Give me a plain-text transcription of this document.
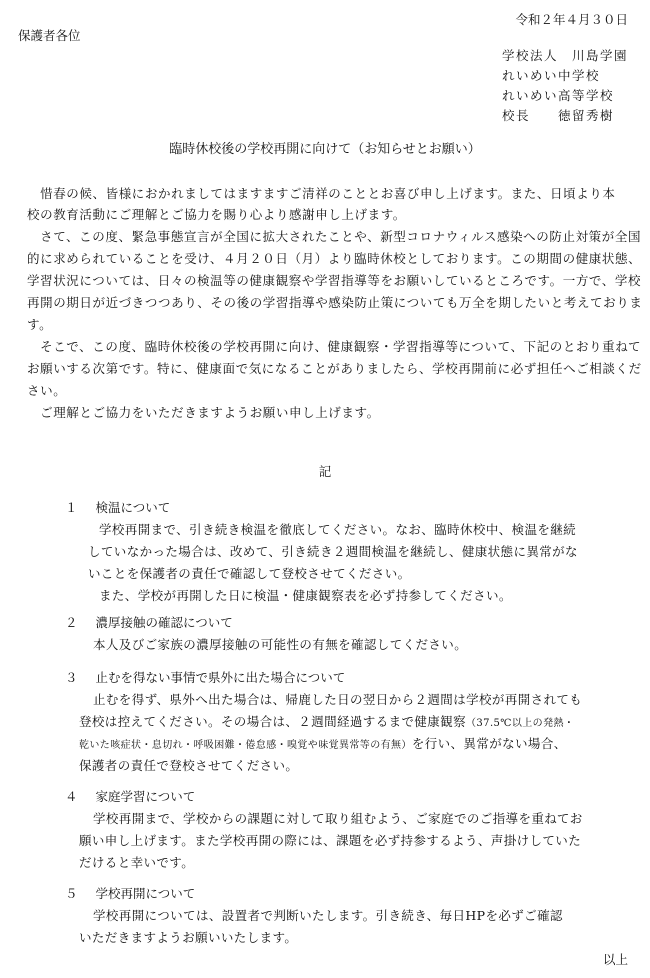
令和２年４月３０日
保護者各位
学校法人　川島学園
れいめい中学校
れいめい高等学校
校長　　徳留秀樹
臨時休校後の学校再開に向けて（お知らせとお願い）
　惜春の候、皆様におかれましてはますますご清祥のこととお喜び申し上げます。また、日頃より本
校の教育活動にご理解とご協力を賜り心より感謝申し上げます。
　さて、この度、緊急事態宣言が全国に拡大されたことや、新型コロナウィルス感染への防止対策が全国
的に求められていることを受け、４月２０日（月）より臨時休校としております。この期間の健康状態、
学習状況については、日々の検温等の健康観察や学習指導等をお願いしているところです。一方で、学校
再開の期日が近づきつつあり、その後の学習指導や感染防止策についても万全を期したいと考えておりま
す。
　そこで、この度、臨時休校後の学校再開に向け、健康観察・学習指導等について、下記のとおり重ねて
お願いする次第です。特に、健康面で気になることがありましたら、学校再開前に必ず担任へご相談くだ
さい。
　ご理解とご協力をいただきますようお願い申し上げます。
記
１ 検温について
学校再開まで、引き続き検温を徹底してください。なお、臨時休校中、検温を継続
していなかった場合は、改めて、引き続き２週間検温を継続し、健康状態に異常がな
いことを保護者の責任で確認して登校させてください。
また、学校が再開した日に検温・健康観察表を必ず持参してください。
２ 濃厚接触の確認について
本人及びご家族の濃厚接触の可能性の有無を確認してください。
３ 止むを得ない事情で県外に出た場合について
止むを得ず、県外へ出た場合は、帰鹿した日の翌日から２週間は学校が再開されても
登校は控えてください。その場合は、２週間経過するまで健康観察（37.5℃以上の発熱・
乾いた咳症状・息切れ・呼吸困難・倦怠感・嗅覚や味覚異常等の有無）を行い、異常がない場合、
保護者の責任で登校させてください。
４ 家庭学習について
学校再開まで、学校からの課題に対して取り組むよう、ご家庭でのご指導を重ねてお
願い申し上げます。また学校再開の際には、課題を必ず持参するよう、声掛けしていた
だけると幸いです。
５ 学校再開について
学校再開については、設置者で判断いたします。引き続き、毎日HPを必ずご確認
いただきますようお願いいたします。
以上
